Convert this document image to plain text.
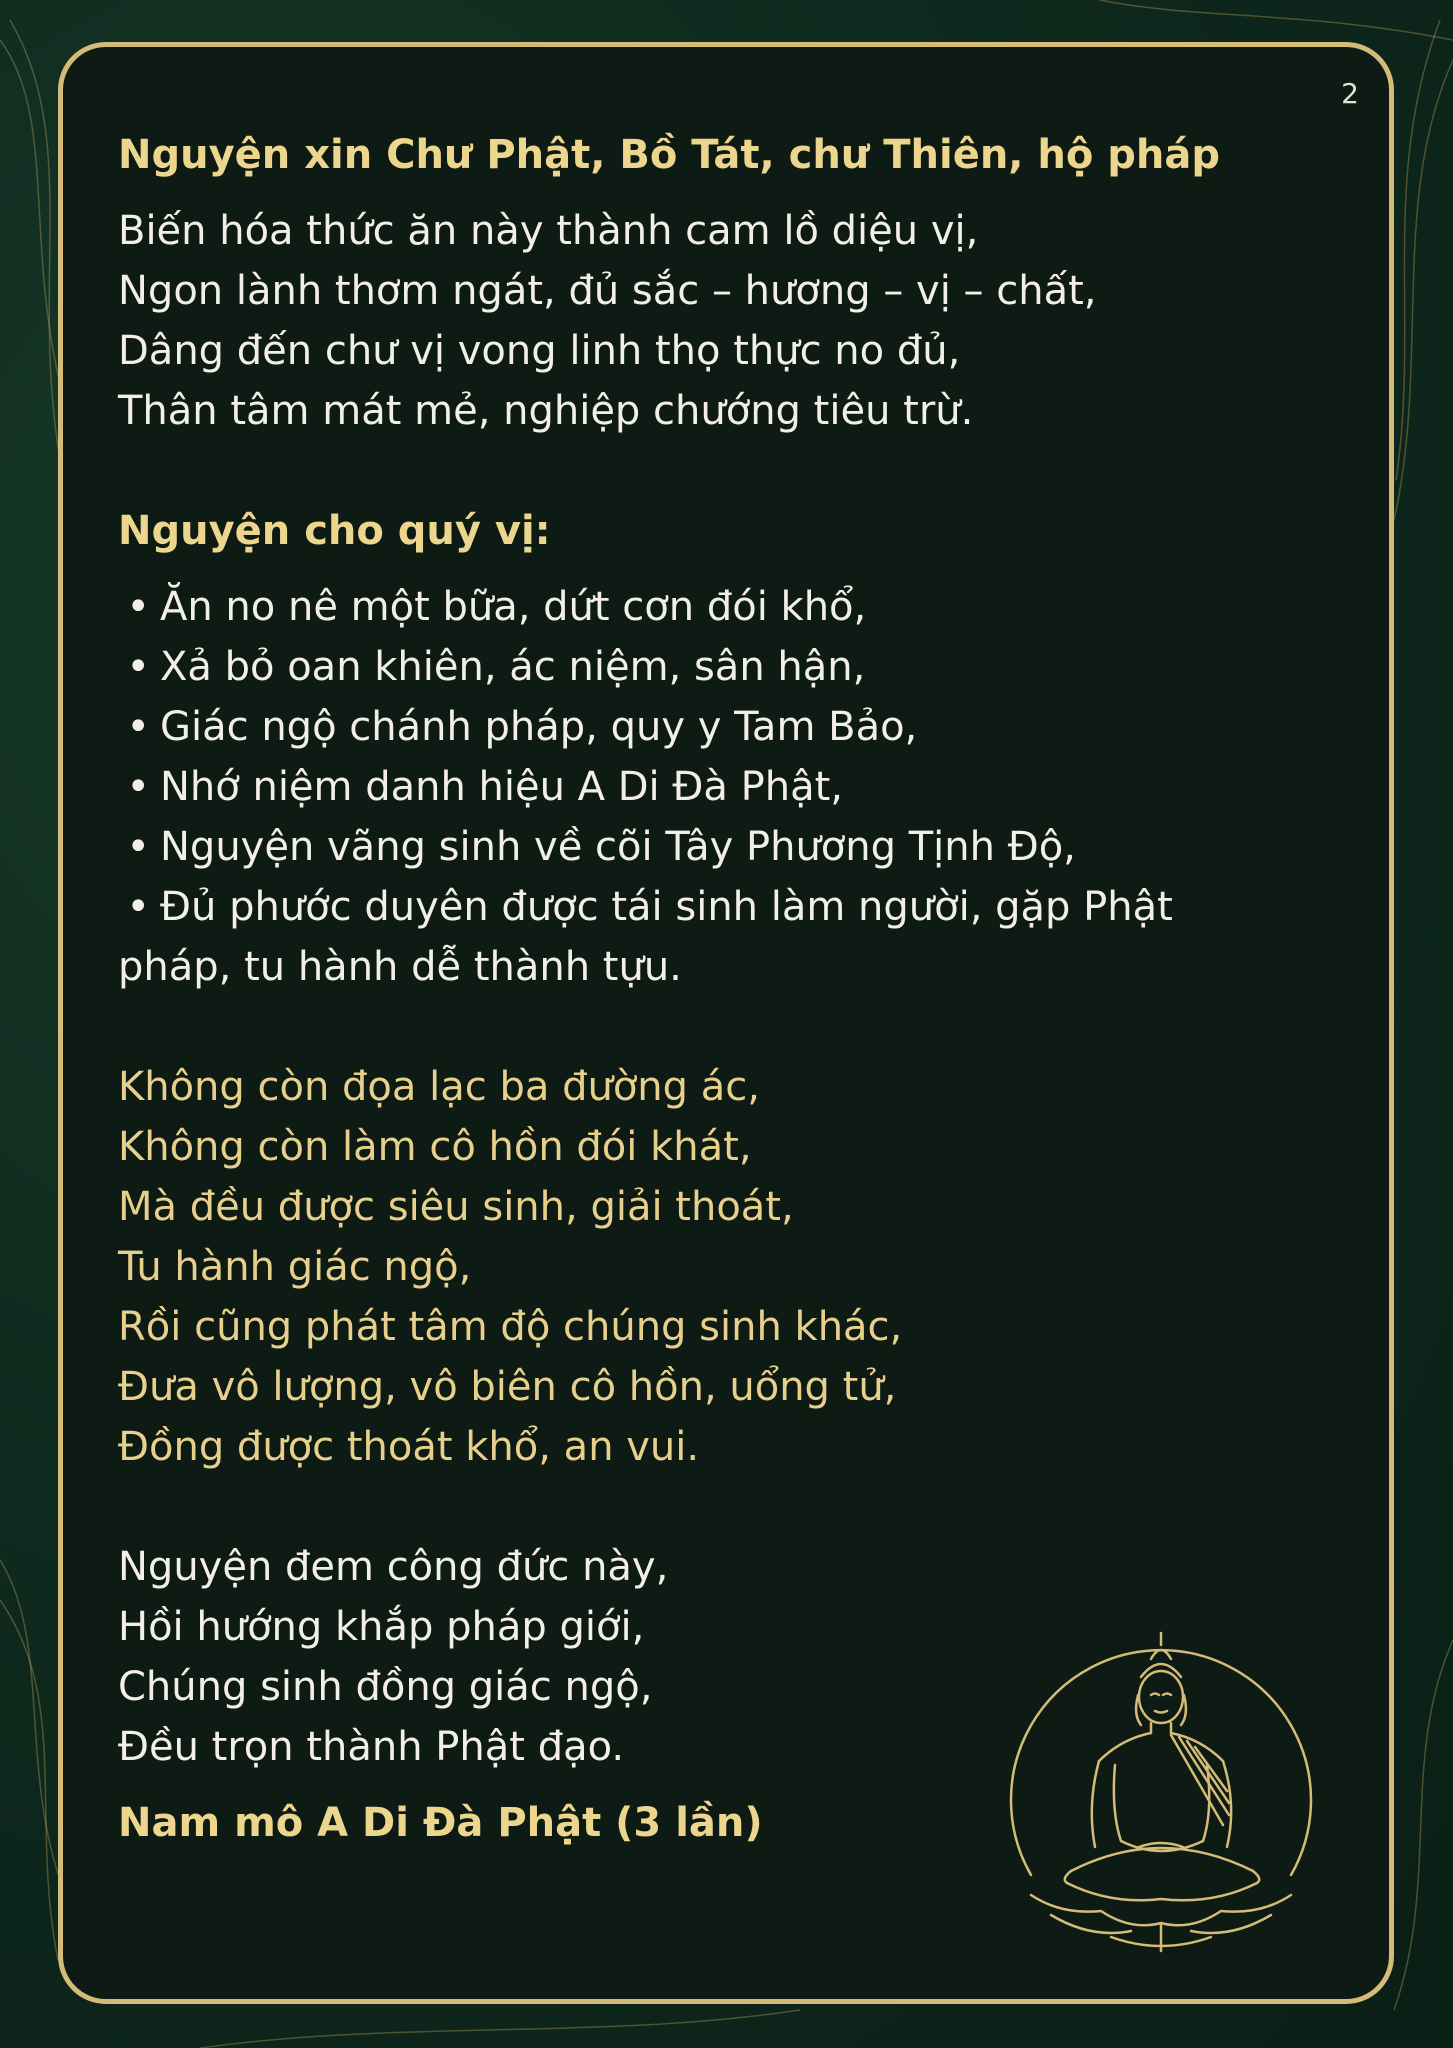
2
Nguyện xin Chư Phật, Bồ Tát, chư Thiên, hộ pháp
Biến hóa thức ăn này thành cam lồ diệu vị,
Ngon lành thơm ngát, đủ sắc – hương – vị – chất,
Dâng đến chư vị vong linh thọ thực no đủ,
Thân tâm mát mẻ, nghiệp chướng tiêu trừ.
Nguyện cho quý vị:
• Ăn no nê một bữa, dứt cơn đói khổ,
• Xả bỏ oan khiên, ác niệm, sân hận,
• Giác ngộ chánh pháp, quy y Tam Bảo,
• Nhớ niệm danh hiệu A Di Đà Phật,
• Nguyện vãng sinh về cõi Tây Phương Tịnh Độ,
• Đủ phước duyên được tái sinh làm người, gặp Phật
pháp, tu hành dễ thành tựu.
Không còn đọa lạc ba đường ác,
Không còn làm cô hồn đói khát,
Mà đều được siêu sinh, giải thoát,
Tu hành giác ngộ,
Rồi cũng phát tâm độ chúng sinh khác,
Đưa vô lượng, vô biên cô hồn, uổng tử,
Đồng được thoát khổ, an vui.
Nguyện đem công đức này,
Hồi hướng khắp pháp giới,
Chúng sinh đồng giác ngộ,
Đều trọn thành Phật đạo.
Nam mô A Di Đà Phật (3 lần)
